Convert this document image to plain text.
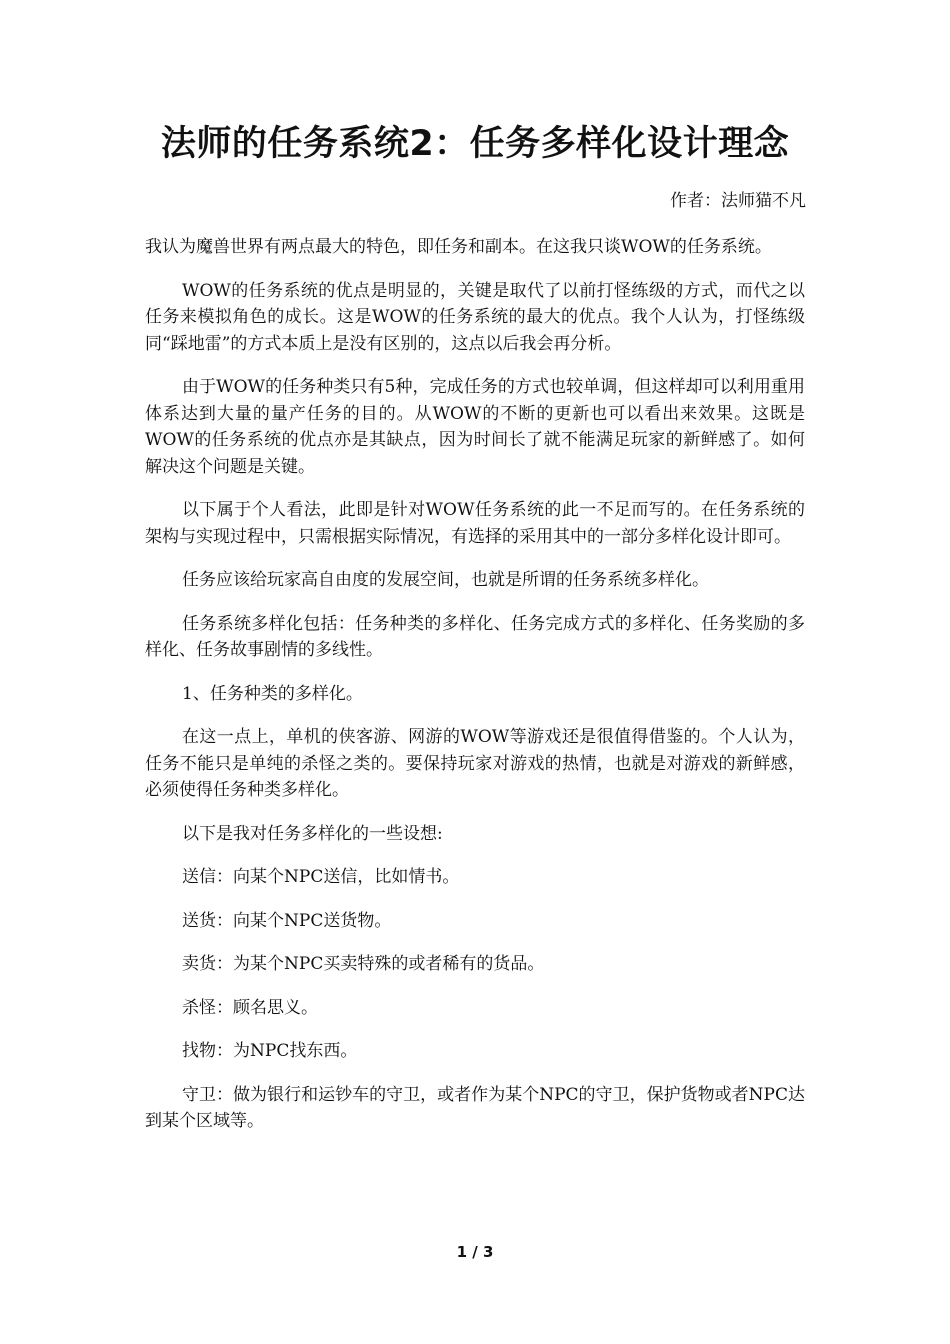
法师的任务系统2：任务多样化设计理念
作者：法师猫不凡

我认为魔兽世界有两点最大的特色，即任务和副本。在这我只谈WOW的任务系统。

WOW的任务系统的优点是明显的，关键是取代了以前打怪练级的方式，而代之以任务来模拟角色的成长。这是WOW的任务系统的最大的优点。我个人认为，打怪练级同“踩地雷”的方式本质上是没有区别的，这点以后我会再分析。

由于WOW的任务种类只有5种，完成任务的方式也较单调，但这样却可以利用重用体系达到大量的量产任务的目的。从WOW的不断的更新也可以看出来效果。这既是WOW的任务系统的优点亦是其缺点，因为时间长了就不能满足玩家的新鲜感了。如何解决这个问题是关键。

以下属于个人看法，此即是针对WOW任务系统的此一不足而写的。在任务系统的架构与实现过程中，只需根据实际情况，有选择的采用其中的一部分多样化设计即可。

任务应该给玩家高自由度的发展空间，也就是所谓的任务系统多样化。

任务系统多样化包括：任务种类的多样化、任务完成方式的多样化、任务奖励的多样化、任务故事剧情的多线性。

1、任务种类的多样化。

在这一点上，单机的侠客游、网游的WOW等游戏还是很值得借鉴的。个人认为，任务不能只是单纯的杀怪之类的。要保持玩家对游戏的热情，也就是对游戏的新鲜感，必须使得任务种类多样化。

以下是我对任务多样化的一些设想:

送信：向某个NPC送信，比如情书。

送货：向某个NPC送货物。

卖货：为某个NPC买卖特殊的或者稀有的货品。

杀怪：顾名思义。

找物：为NPC找东西。

守卫：做为银行和运钞车的守卫，或者作为某个NPC的守卫，保护货物或者NPC达到某个区域等。

1 / 3
